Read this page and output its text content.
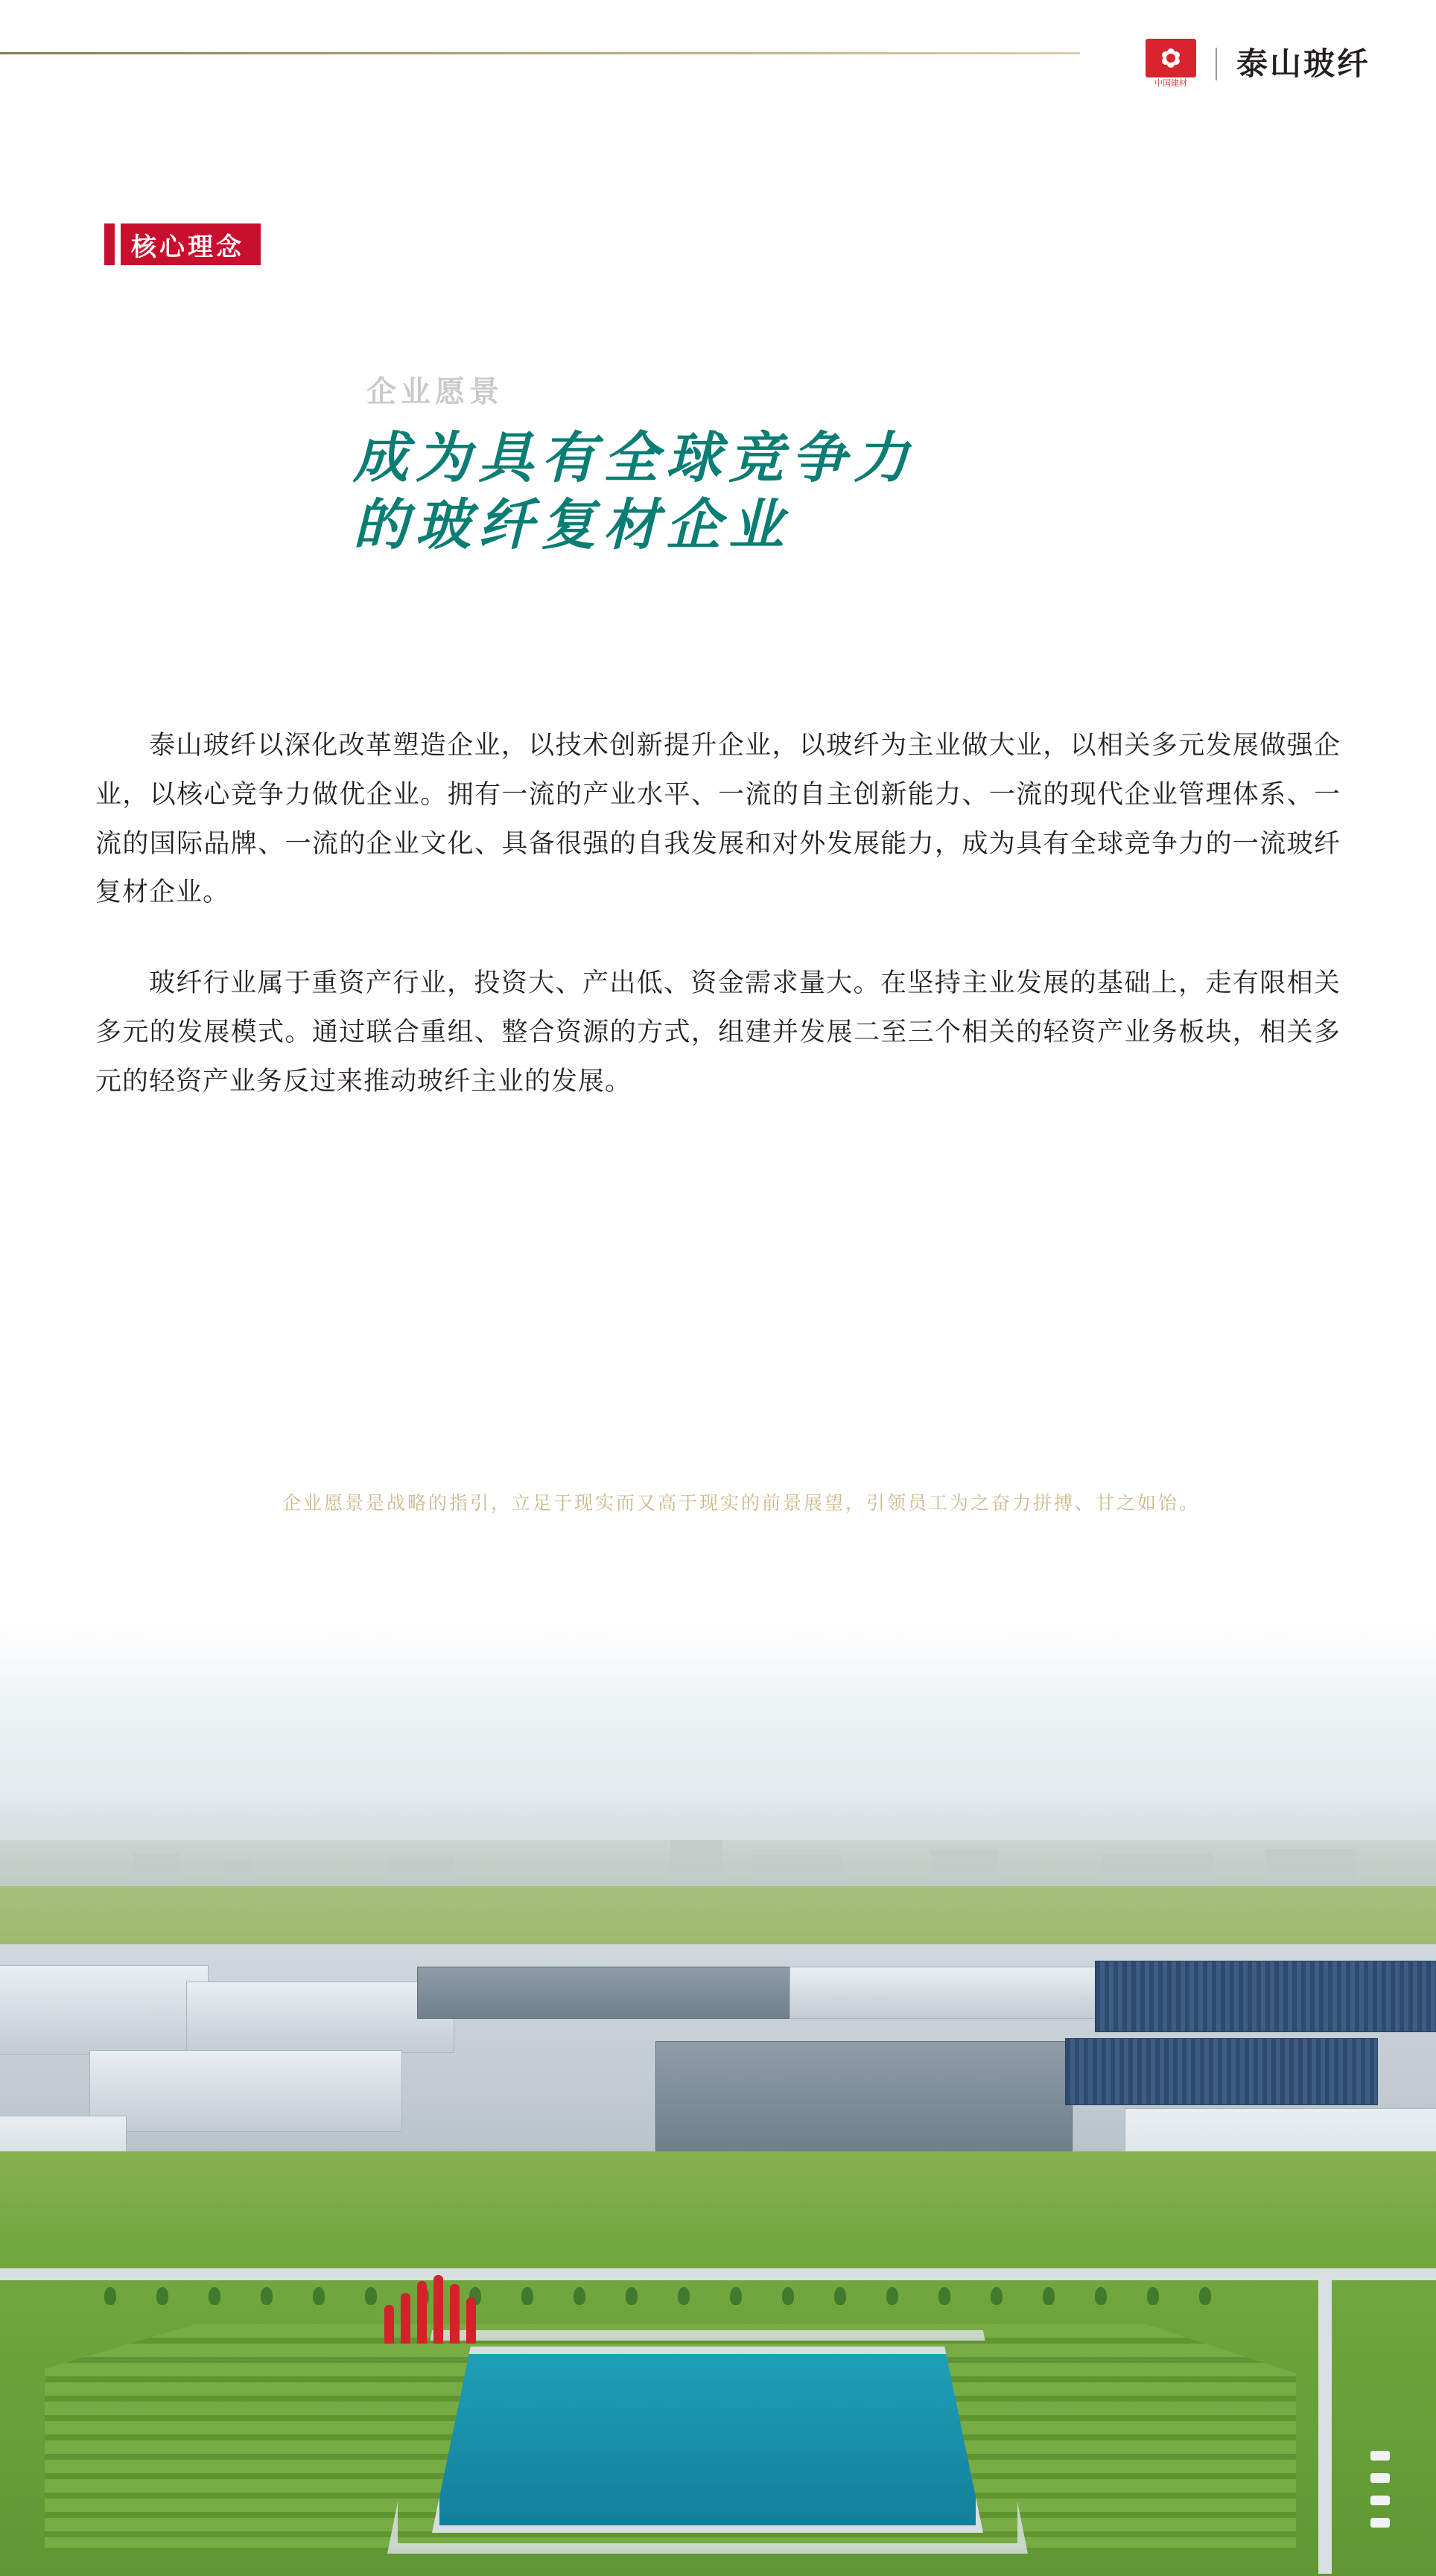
中国建材
泰山玻纤
核心理念
企业愿景
成为具有全球竞争力
的玻纤复材企业

泰山玻纤以深化改革塑造企业，以技术创新提升企业，以玻纤为主业做大业，以相关多元发展做强企业，以核心竞争力做优企业。拥有一流的产业水平、一流的自主创新能力、一流的现代企业管理体系、一流的国际品牌、一流的企业文化、具备很强的自我发展和对外发展能力，成为具有全球竞争力的一流玻纤复材企业。

玻纤行业属于重资产行业，投资大、产出低、资金需求量大。在坚持主业发展的基础上，走有限相关多元的发展模式。通过联合重组、整合资源的方式，组建并发展二至三个相关的轻资产业务板块，相关多元的轻资产业务反过来推动玻纤主业的发展。

企业愿景是战略的指引，立足于现实而又高于现实的前景展望，引领员工为之奋力拼搏、甘之如饴。
